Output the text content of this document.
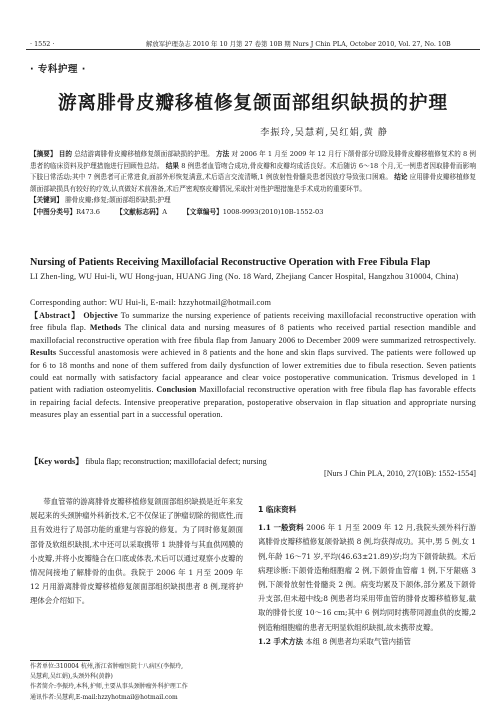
· 1552 ·	解放军护理杂志 2010 年 10 月第 27 卷第 10B 期 Nurs J Chin PLA, October 2010, Vol. 27, No. 10B
· 专科护理 ·
游离腓骨皮瓣移植修复颌面部组织缺损的护理
李振玲,吴慧莉,吴红娟,黄 静

【摘要】 目的 总结游离腓骨皮瓣移植修复颌面部缺损的护理。 方法 对 2006 年 1 月至 2009 年 12 月行下颌骨部分切除及腓骨皮瓣移植修复术的 8 例患者的临床资料及护理措施进行回顾性总结。 结果 8 例患者血管吻合成功,骨皮瓣和皮瓣均成活良好。术后随访 6～18 个月,无一例患者因取腓骨而影响下肢日常活动;其中 7 例患者可正常进食,面部外形恢复满意,术后语言交流清晰,1 例放射性骨髓炎患者因放疗导致张口困难。 结论 应用腓骨皮瓣移植修复颌面部缺损具有较好的疗效,认真做好术前准备,术后严密观察皮瓣情况,采取针对性护理措施是手术成功的重要环节。

【关键词】 腓骨皮瓣;修复;颌面部组织缺损;护理

【中图分类号】R473.6 【文献标志码】A 【文章编号】1008-9993(2010)10B-1552-03

Nursing of Patients Receiving Maxillofacial Reconstructive Operation with Free Fibula Flap
LI Zhen-ling, WU Hui-li, WU Hong-juan, HUANG Jing (No. 18 Ward, Zhejiang Cancer Hospital, Hangzhou 310004, China)
Corresponding author: WU Hui-li, E-mail: hzzyhotmail@hotmail.com
【Abstract】 Objective To summarize the nursing experience of patients receiving maxillofacial reconstructive operation with free fibula flap. Methods The clinical data and nursing measures of 8 patients who received partial resection mandible and maxillofacial reconstructive operation with free fibula flap from January 2006 to December 2009 were summarized retrospectively. Results Successful anastomosis were achieved in 8 patients and the hone and skin flaps survived. The patients were followed up for 6 to 18 months and none of them suffered from daily dysfunction of lower extremities due to fibula resection. Seven patients could eat normally with satisfactory facial appearance and clear voice postoperative communication. Trismus developed in 1 patient with radiation osteomyelitis. Conclusion Maxillofacial reconstructive operation with free fibula flap has favorable effects in repairing facial defects. Intensive preoperative preparation, postoperative observaion in flap situation and appropriate nursing measures play an essential part in a successful operation.
【Key words】 fibula flap; reconstruction; maxillofacial defect; nursing
[Nurs J Chin PLA, 2010, 27(10B): 1552-1554]
带血管蒂的游离腓骨皮瓣移植修复颌面部组织缺损是近年来发展起来的头颈肿瘤外科新技术,它不仅保证了肿瘤切除的彻底性,而且有效进行了局部功能的重建与容貌的修复。为了同时修复颌面部骨及软组织缺损,术中还可以采取携带 1 块腓骨与其血供网膜的小皮瓣,并将小皮瓣缝合在口底或体表,术后可以通过观察小皮瓣的情况间接地了解腓骨的血供。我院于 2006 年 1 月至 2009 年 12 月用游离腓骨皮瓣移植修复颌面部组织缺损患者 8 例,现将护理体会介绍如下。
1 临床资料

1.1 一般资料 2006 年 1 月至 2009 年 12 月,我院头颈外科行游离腓骨皮瓣移植修复颌骨缺损 8 例,均获得成功。其中,男 5 例,女 1 例,年龄 16～71 岁,平均(46.63±21.89)岁;均为下颌骨缺损。术后病理诊断:下颌骨造釉细胞瘤 2 例,下颌骨血管瘤 1 例,下牙龈癌 3 例,下颌骨放射性骨髓炎 2 例。病变均累及下颌体,部分累及下颌骨升支部,但未超中线;8 例患者均采用带血管的腓骨皮瓣移植修复,截取的腓骨长度 10～16 cm;其中 6 例均同时携带同源血供的皮瓣,2 例造釉细胞瘤的患者无明显软组织缺损,故未携带皮瓣。

1.2 手术方法 本组 8 例患者均采取气管内插管

作者单位:310004 杭州,浙江省肿瘤医院十八病区(李振玲,
吴慧莉,吴红娟),头颈外科(黄静)
作者简介:李振玲,本科,护师,主要从事头颈肿瘤外科护理工作
通讯作者:吴慧莉,E-mail:hzzyhotmail@hotmail.com
